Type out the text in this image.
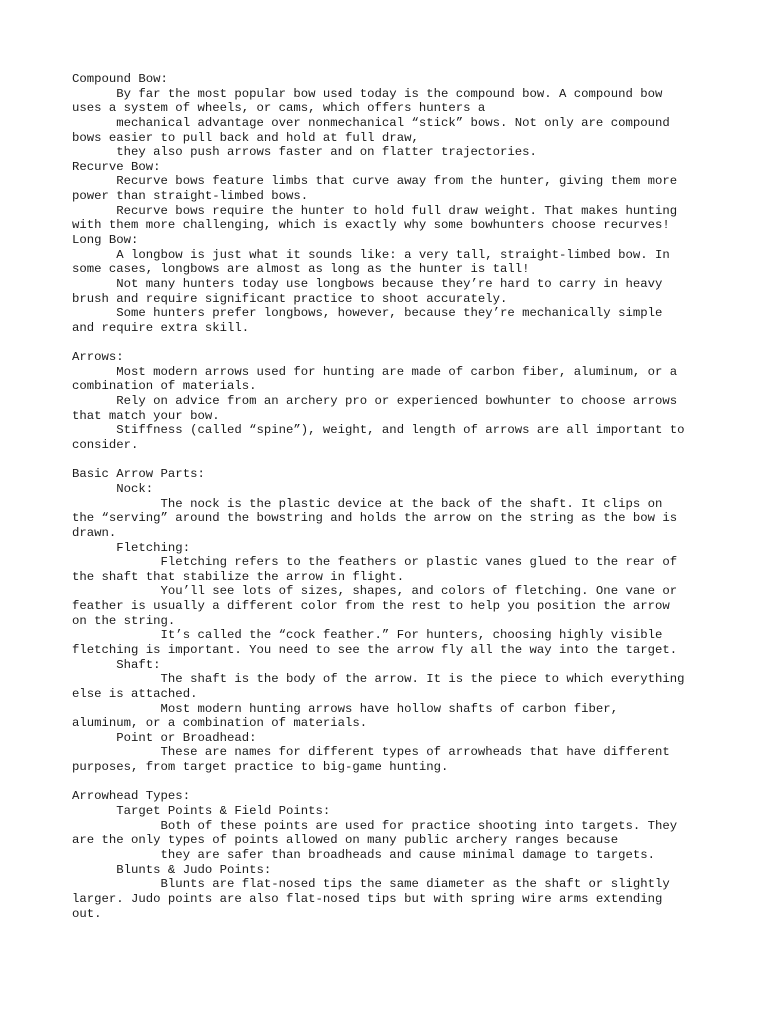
Compound Bow:
By far the most popular bow used today is the compound bow. A compound bow
uses a system of wheels, or cams, which offers hunters a
mechanical advantage over nonmechanical “stick” bows. Not only are compound
bows easier to pull back and hold at full draw,
they also push arrows faster and on flatter trajectories.
Recurve Bow:
Recurve bows feature limbs that curve away from the hunter, giving them more
power than straight-limbed bows.
Recurve bows require the hunter to hold full draw weight. That makes hunting
with them more challenging, which is exactly why some bowhunters choose recurves!
Long Bow:
A longbow is just what it sounds like: a very tall, straight-limbed bow. In
some cases, longbows are almost as long as the hunter is tall!
Not many hunters today use longbows because they’re hard to carry in heavy
brush and require significant practice to shoot accurately.
Some hunters prefer longbows, however, because they’re mechanically simple
and require extra skill.
Arrows:
Most modern arrows used for hunting are made of carbon fiber, aluminum, or a
combination of materials.
Rely on advice from an archery pro or experienced bowhunter to choose arrows
that match your bow.
Stiffness (called “spine”), weight, and length of arrows are all important to
consider.
Basic Arrow Parts:
Nock:
The nock is the plastic device at the back of the shaft. It clips on
the “serving” around the bowstring and holds the arrow on the string as the bow is
drawn.
Fletching:
Fletching refers to the feathers or plastic vanes glued to the rear of
the shaft that stabilize the arrow in flight.
You’ll see lots of sizes, shapes, and colors of fletching. One vane or
feather is usually a different color from the rest to help you position the arrow
on the string.
It’s called the “cock feather.” For hunters, choosing highly visible
fletching is important. You need to see the arrow fly all the way into the target.
Shaft:
The shaft is the body of the arrow. It is the piece to which everything
else is attached.
Most modern hunting arrows have hollow shafts of carbon fiber,
aluminum, or a combination of materials.
Point or Broadhead:
These are names for different types of arrowheads that have different
purposes, from target practice to big-game hunting.
Arrowhead Types:
Target Points & Field Points:
Both of these points are used for practice shooting into targets. They
are the only types of points allowed on many public archery ranges because
they are safer than broadheads and cause minimal damage to targets.
Blunts & Judo Points:
Blunts are flat-nosed tips the same diameter as the shaft or slightly
larger. Judo points are also flat-nosed tips but with spring wire arms extending
out.
